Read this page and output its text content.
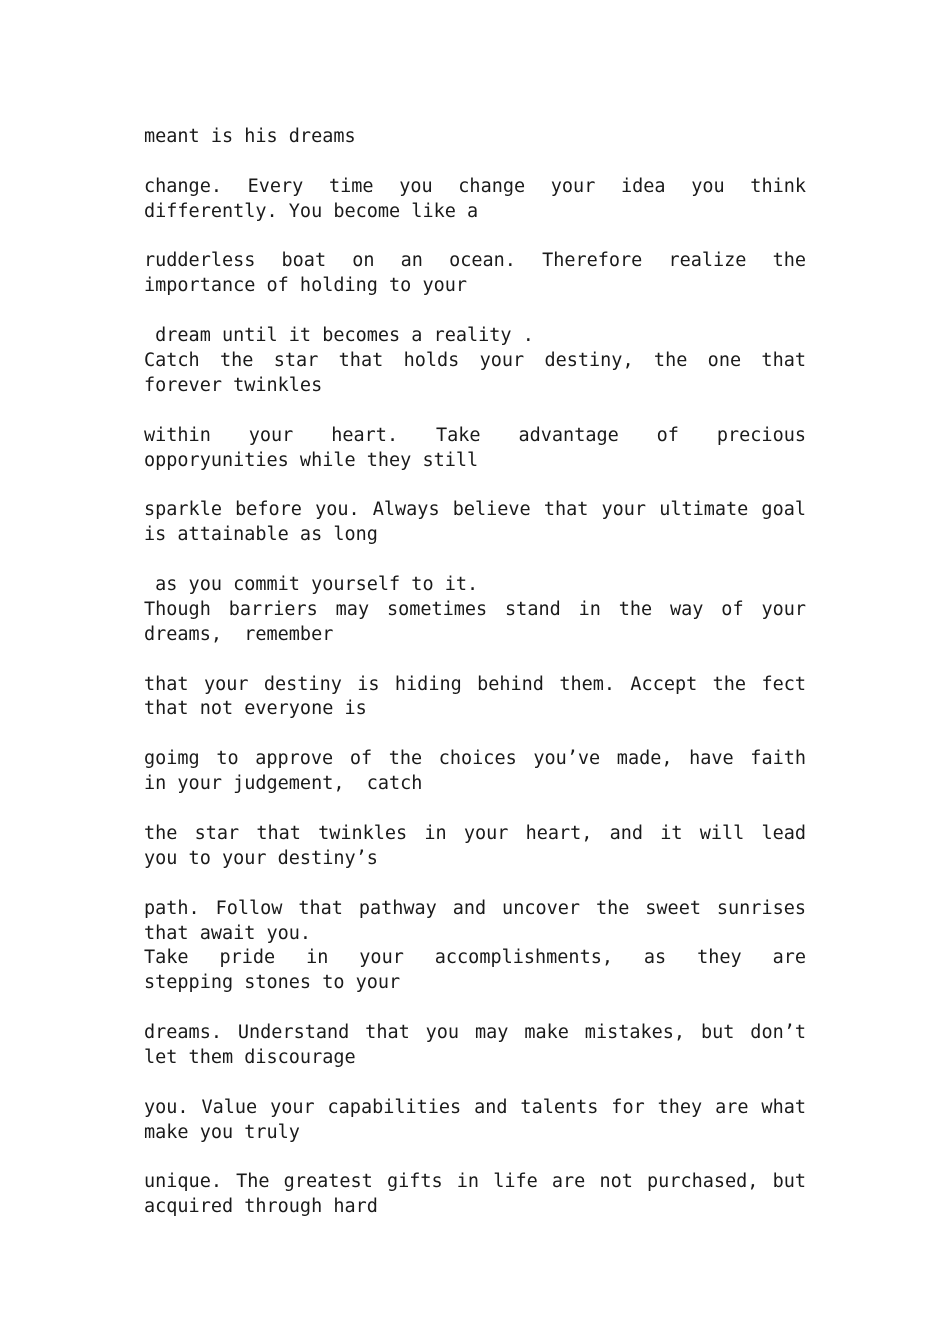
meant is his dreams
change. Every time you change your idea you think
differently. You become like a
rudderless boat on an ocean. Therefore realize the
importance of holding to your
dream until it becomes a reality .
Catch the star that holds your destiny, the one that
forever twinkles
within your heart. Take advantage of precious
opporyunities while they still
sparkle before you. Always believe that your ultimate goal
is attainable as long
as you commit yourself to it.
Though barriers may sometimes stand in the way of your
dreams,  remember
that your destiny is hiding behind them. Accept the fect
that not everyone is
goimg to approve of the choices you’ve made, have faith
in your judgement,  catch
the star that twinkles in your heart, and it will lead
you to your destiny’s
path. Follow that pathway and uncover the sweet sunrises
that await you.
Take pride in your accomplishments, as they are
stepping stones to your
dreams. Understand that you may make mistakes, but don’t
let them discourage
you. Value your capabilities and talents for they are what
make you truly
unique. The greatest gifts in life are not purchased, but
acquired through hard
